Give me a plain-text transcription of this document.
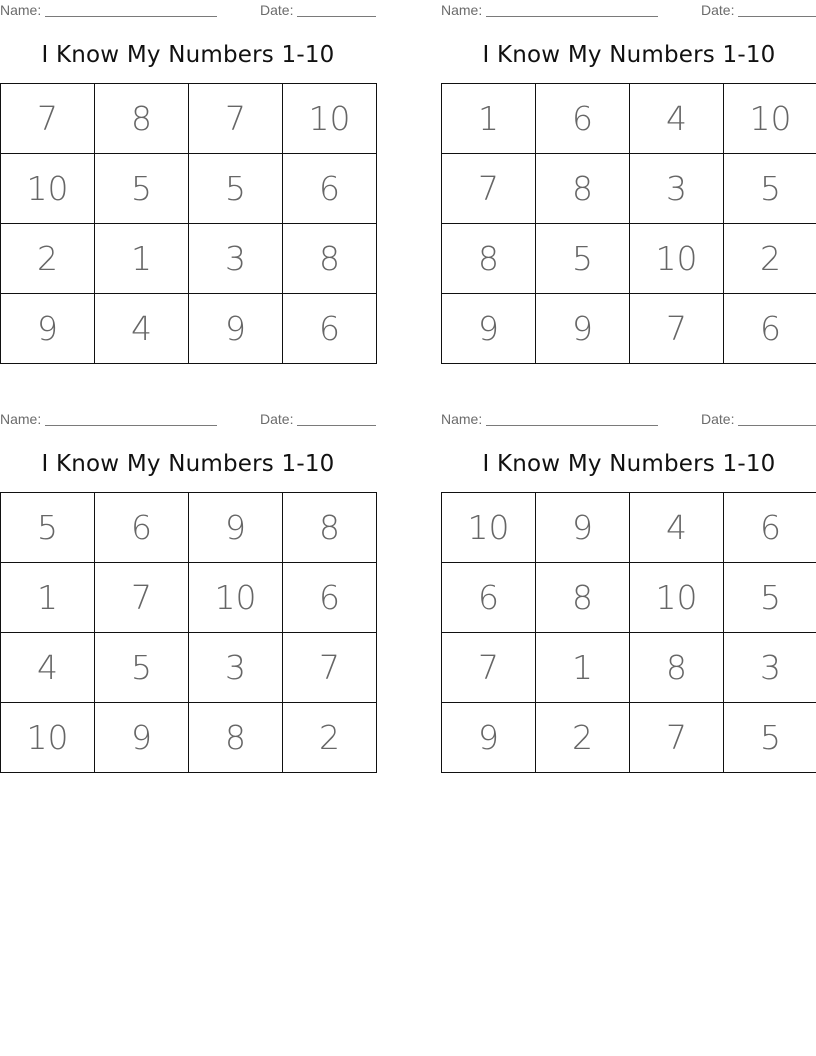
Name:	Date:
I Know My Numbers 1-10
7	8	7	10
10	5	5	6
2	1	3	8
9	4	9	6
Name:	Date:
I Know My Numbers 1-10
1	6	4	10
7	8	3	5
8	5	10	2
9	9	7	6
Name:	Date:
I Know My Numbers 1-10
5	6	9	8
1	7	10	6
4	5	3	7
10	9	8	2
Name:	Date:
I Know My Numbers 1-10
10	9	4	6
6	8	10	5
7	1	8	3
9	2	7	5
